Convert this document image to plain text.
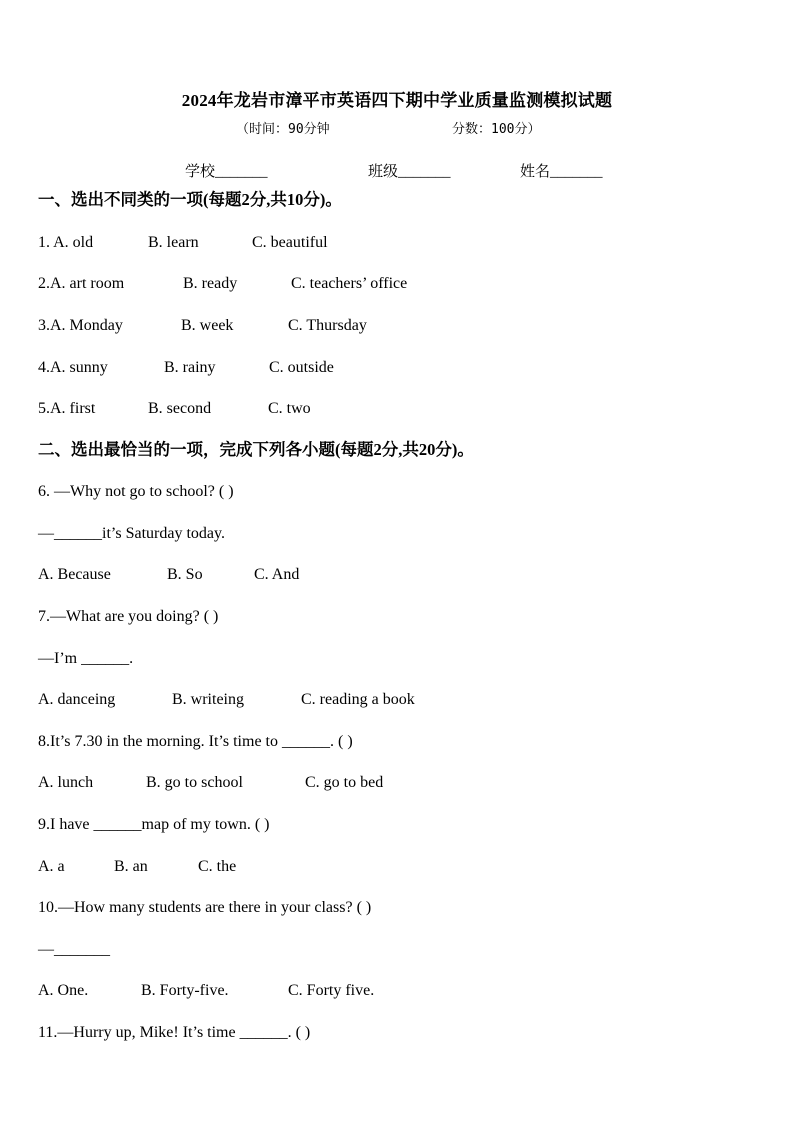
2024年龙岩市漳平市英语四下期中学业质量监测模拟试题
（时间：90分钟	分数：100分）
学校_______	班级_______	姓名_______
一、选出不同类的一项(每题2分,共10分)。
1. A. old	B. learn	C. beautiful
2.A. art room	B. ready	C. teachers’ office
3.A. Monday	B. week	C. Thursday
4.A. sunny	B. rainy	C. outside
5.A. first	B. second	C. two
二、选出最恰当的一项，完成下列各小题(每题2分,共20分)。
6. —Why not go to school? ( )
—______it’s Saturday today.
A. Because	B. So	C. And
7.—What are you doing? ( )
—I’m ______.
A. danceing	B. writeing	C. reading a book
8.It’s 7.30 in the morning. It’s time to ______. ( )
A. lunch	B. go to school	C. go to bed
9.I have ______map of my town. ( )
A. a	B. an	C. the
10.—How many students are there in your class? ( )
—_______
A. One.	B. Forty-five.	C. Forty five.
11.—Hurry up, Mike! It’s time ______. ( )
